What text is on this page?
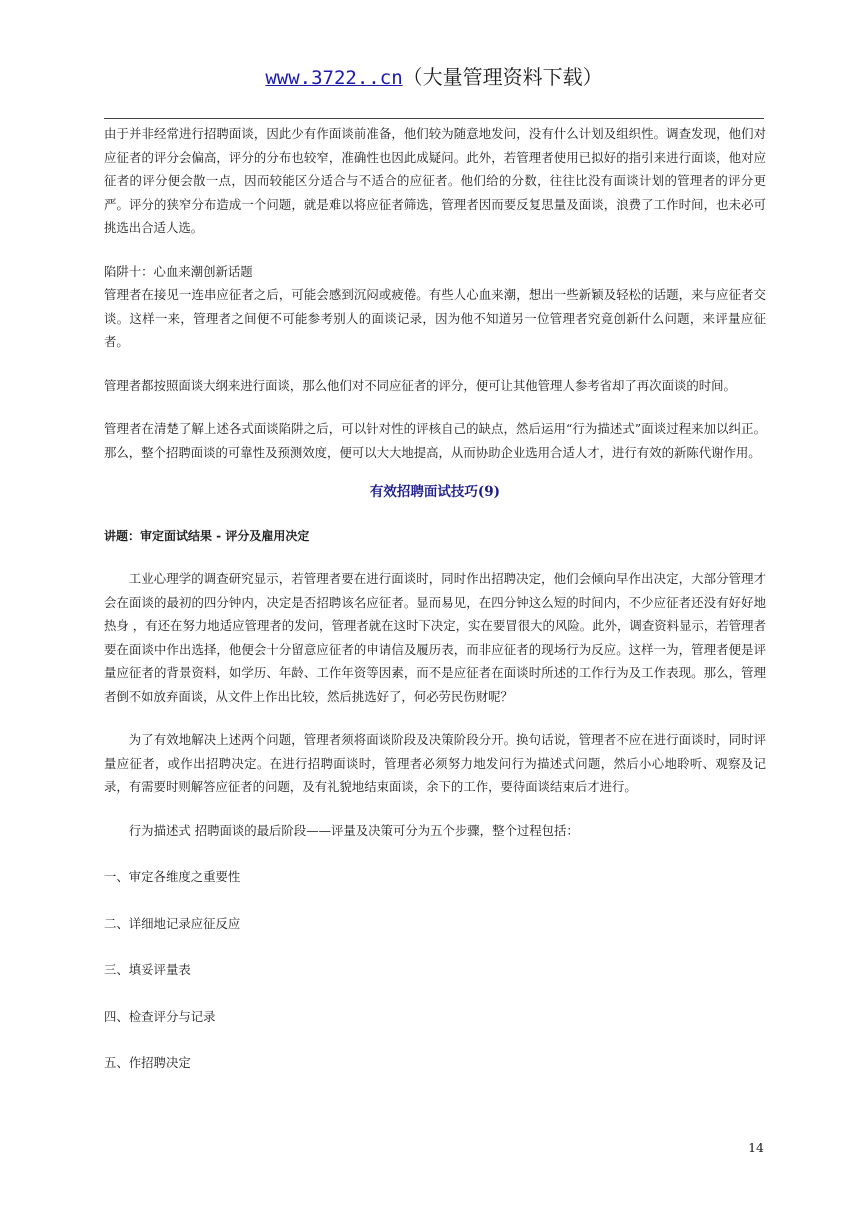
www.3722..cn（大量管理资料下载）

由于并非经常进行招聘面谈，因此少有作面谈前准备，他们较为随意地发问，没有什么计划及组织性。调查发现，他们对应征者的评分会偏高，评分的分布也较窄，准确性也因此成疑问。此外，若管理者使用已拟好的指引来进行面谈，他对应征者的评分便会散一点，因而较能区分适合与不适合的应征者。他们给的分数，往往比没有面谈计划的管理者的评分更严。评分的狭窄分布造成一个问题，就是难以将应征者筛选，管理者因而要反复思量及面谈，浪费了工作时间，也未必可挑选出合适人选。

陷阱十：心血来潮创新话题

管理者在接见一连串应征者之后，可能会感到沉闷或疲倦。有些人心血来潮，想出一些新颖及轻松的话题，来与应征者交谈。这样一来，管理者之间便不可能参考别人的面谈记录，因为他不知道另一位管理者究竟创新什么问题，来评量应征者。

管理者都按照面谈大纲来进行面谈，那么他们对不同应征者的评分，便可让其他管理人参考省却了再次面谈的时间。

管理者在清楚了解上述各式面谈陷阱之后，可以针对性的评核自己的缺点，然后运用“行为描述式”面谈过程来加以纠正。那么，整个招聘面谈的可靠性及预测效度，便可以大大地提高，从而协助企业选用合适人才，进行有效的新陈代谢作用。

有效招聘面试技巧(9)

讲题：审定面试结果 - 评分及雇用决定

工业心理学的调查研究显示，若管理者要在进行面谈时，同时作出招聘决定，他们会倾向早作出决定，大部分管理才会在面谈的最初的四分钟内，决定是否招聘该名应征者。显而易见，在四分钟这么短的时间内，不少应征者还没有好好地 热身 ，有还在努力地适应管理者的发问，管理者就在这时下决定，实在要冒很大的风险。此外，调查资料显示，若管理者要在面谈中作出选择，他便会十分留意应征者的申请信及履历表，而非应征者的现场行为反应。这样一为，管理者便是评量应征者的背景资料，如学历、年龄、工作年资等因素，而不是应征者在面谈时所述的工作行为及工作表现。那么，管理者倒不如放弃面谈，从文件上作出比较，然后挑选好了，何必劳民伤财呢？

为了有效地解决上述两个问题，管理者须将面谈阶段及决策阶段分开。换句话说，管理者不应在进行面谈时，同时评量应征者，或作出招聘决定。在进行招聘面谈时，管理者必须努力地发问行为描述式问题，然后小心地聆听、观察及记录，有需要时则解答应征者的问题，及有礼貌地结束面谈，余下的工作，要待面谈结束后才进行。

行为描述式 招聘面谈的最后阶段——评量及决策可分为五个步骤，整个过程包括：

一、审定各维度之重要性

二、详细地记录应征反应

三、填妥评量表

四、检查评分与记录

五、作招聘决定

14
